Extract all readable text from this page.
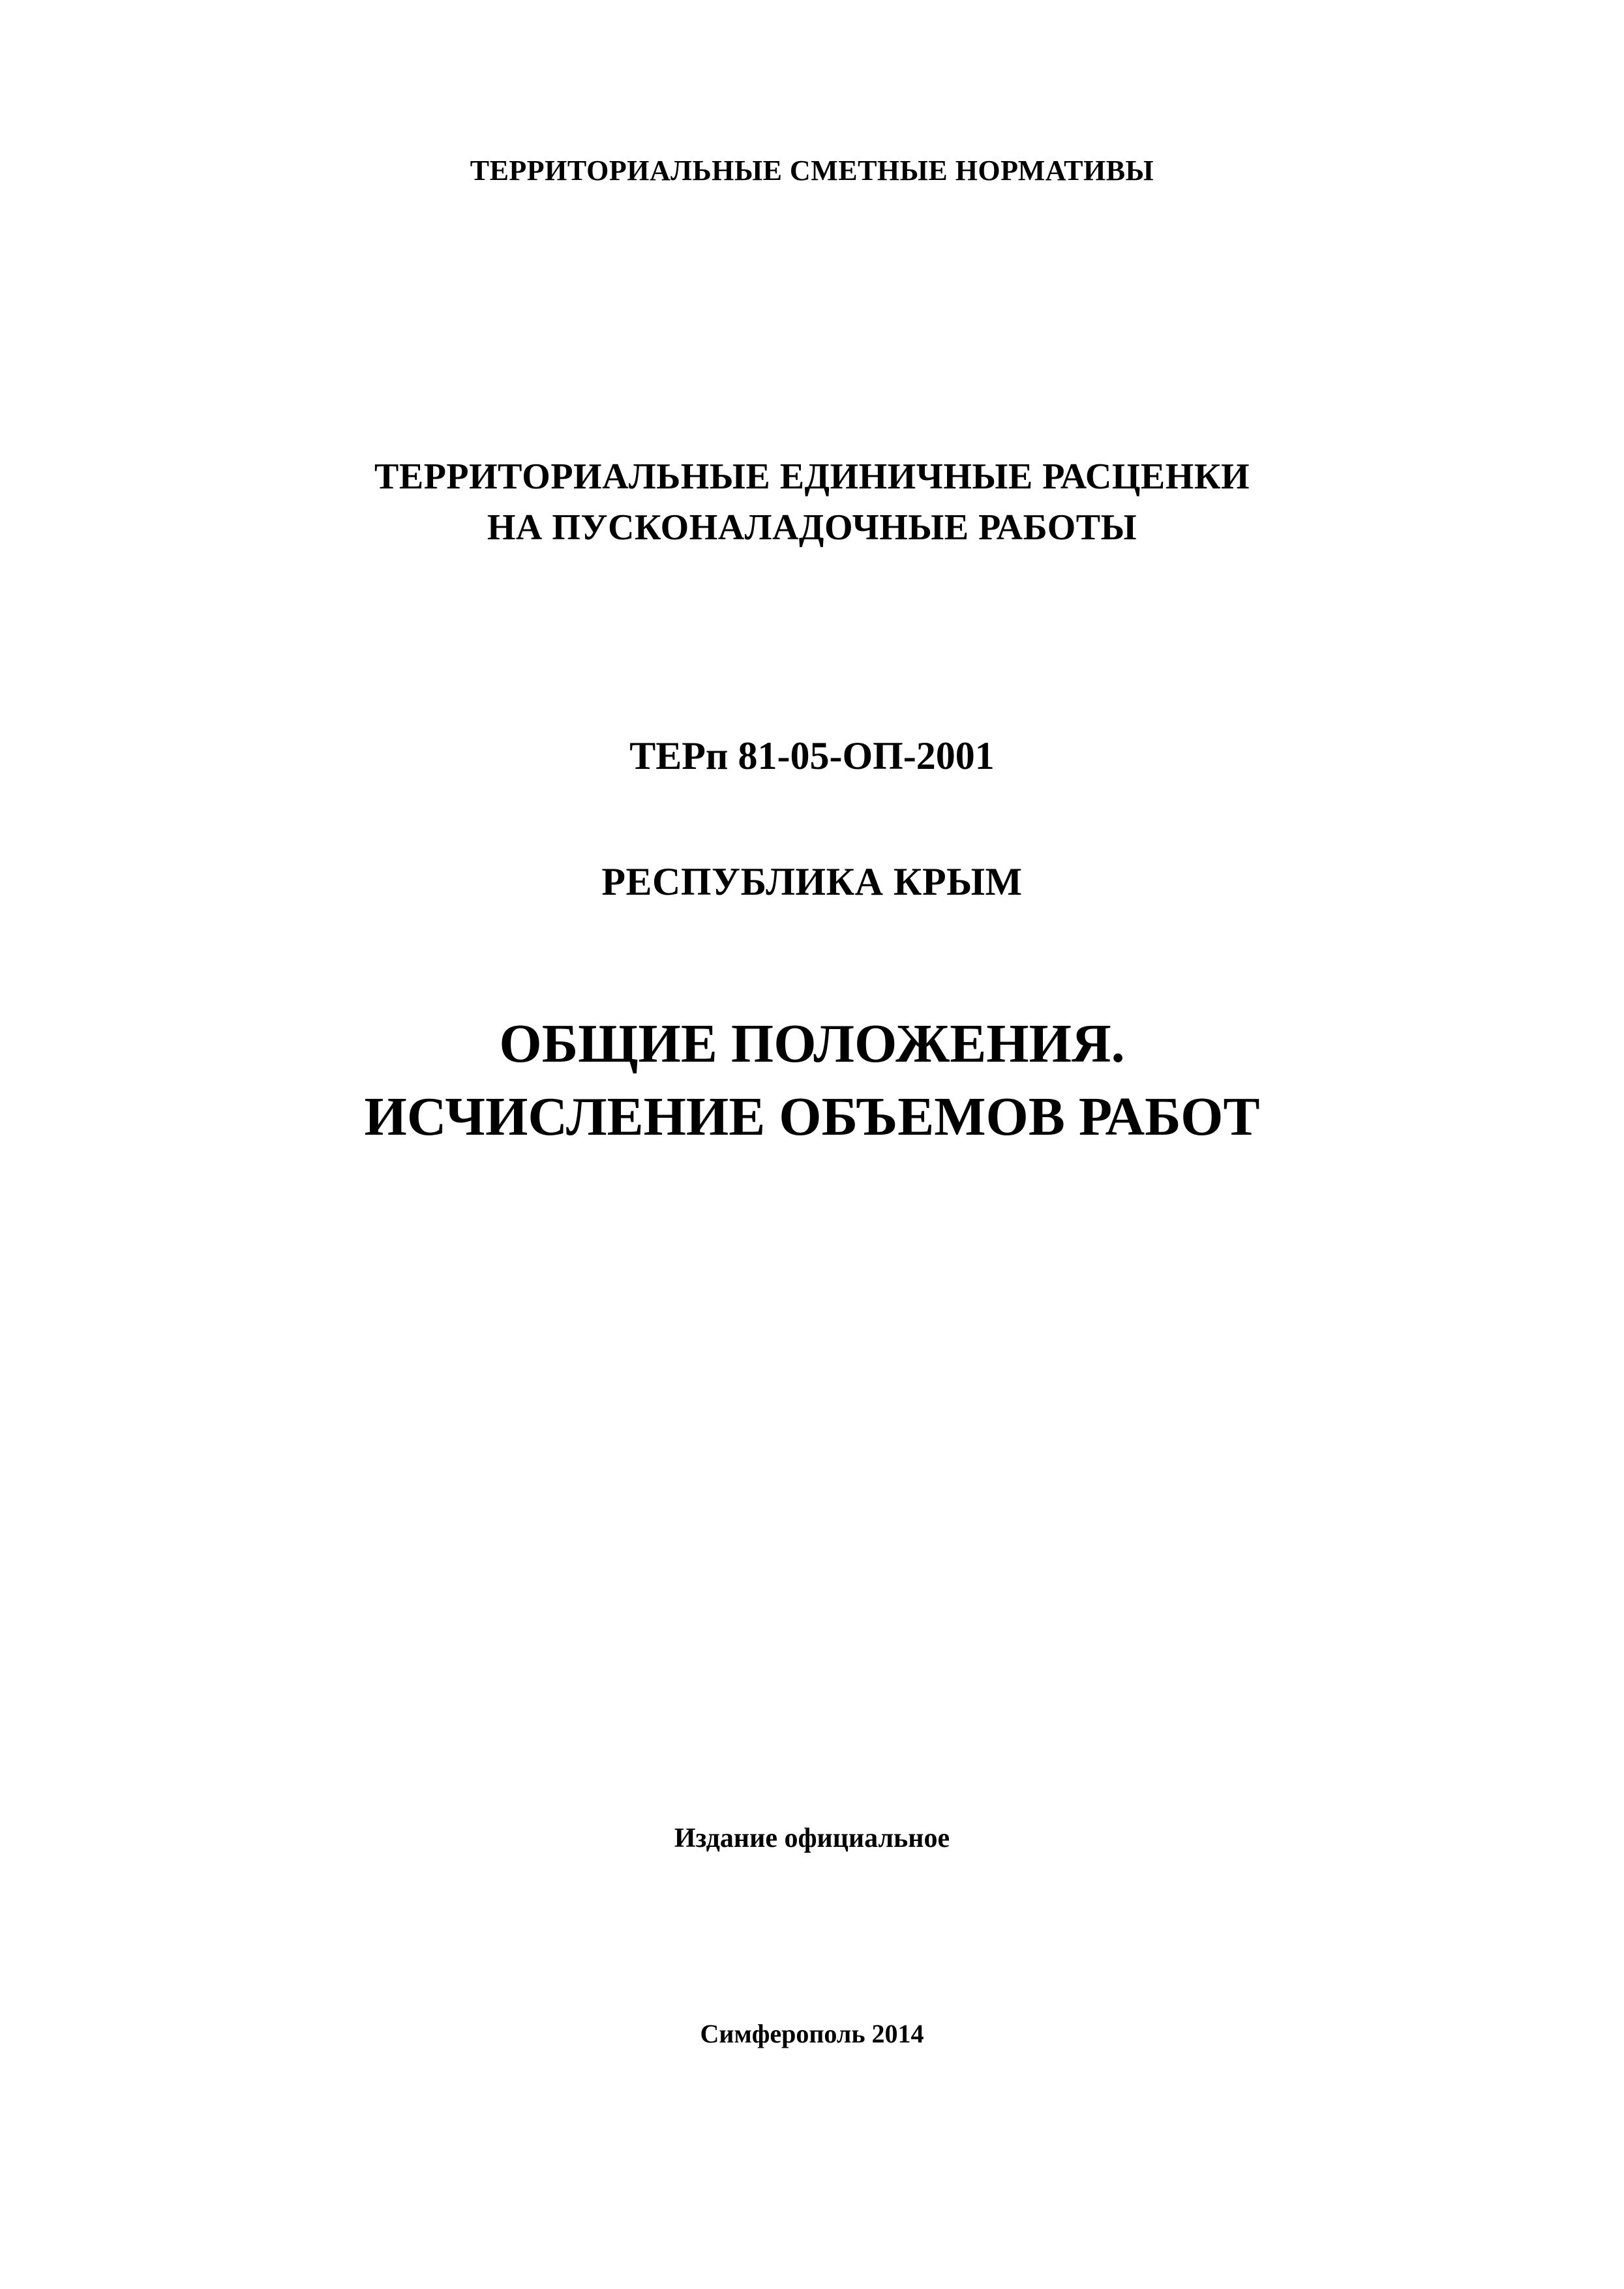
ТЕРРИТОРИАЛЬНЫЕ СМЕТНЫЕ НОРМАТИВЫ

ТЕРРИТОРИАЛЬНЫЕ ЕДИНИЧНЫЕ РАСЦЕНКИ
НА ПУСКОНАЛАДОЧНЫЕ РАБОТЫ

ТЕРп 81-05-ОП-2001

РЕСПУБЛИКА КРЫМ

ОБЩИЕ ПОЛОЖЕНИЯ.
ИСЧИСЛЕНИЕ ОБЪЕМОВ РАБОТ

Издание официальное

Симферополь 2014
